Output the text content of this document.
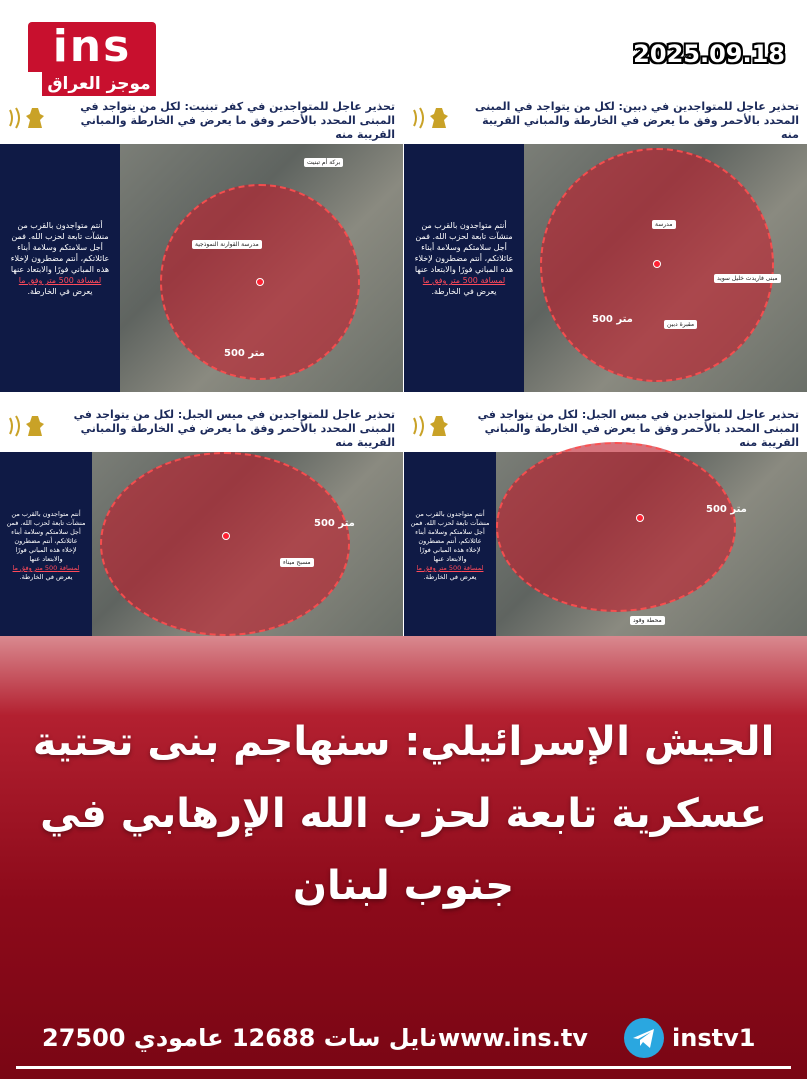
ins
موجز العراق
2025.09.18
تحذير عاجل للمتواجدين في كفر تبنيت: لكل من يتواجد في المبنى المحدد بالأحمر وفق ما يعرض في الخارطة والمباني القريبة منه
أنتم متواجدون بالقرب من منشآت تابعة لحزب الله. فمن أجل سلامتكم وسلامة أبناء عائلاتكم، أنتم مضطرون لإخلاء هذه المباني فورًا والابتعاد عنها
لمسافة 500 متر وفق ما
يعرض في الخارطة.
500 متر
مدرسة القوارنة النموذجية
بركة أم تبنيت
تحذير عاجل للمتواجدين في دبين: لكل من يتواجد في المبنى المحدد بالأحمر وفق ما يعرض في الخارطة والمباني القريبة منه
أنتم متواجدون بالقرب من منشآت تابعة لحزب الله. فمن أجل سلامتكم وسلامة أبناء عائلاتكم، أنتم مضطرون لإخلاء هذه المباني فورًا والابتعاد عنها
لمسافة 500 متر وفق ما
يعرض في الخارطة.
500 متر
مدرسة
مبنى فاريدت خليل سويد
مقبرة دبين
تحذير عاجل للمتواجدين في ميس الجبل: لكل من يتواجد في المبنى المحدد بالأحمر وفق ما يعرض في الخارطة والمباني القريبة منه
أنتم متواجدون بالقرب من منشآت تابعة لحزب الله. فمن أجل سلامتكم وسلامة أبناء عائلاتكم، أنتم مضطرون لإخلاء هذه المباني فورًا والابتعاد عنها
لمسافة 500 متر وفق ما
يعرض في الخارطة.
500 متر
مسبح ميناء
تحذير عاجل للمتواجدين في ميس الجبل: لكل من يتواجد في المبنى المحدد بالأحمر وفق ما يعرض في الخارطة والمباني القريبة منه
أنتم متواجدون بالقرب من منشآت تابعة لحزب الله. فمن أجل سلامتكم وسلامة أبناء عائلاتكم، أنتم مضطرون لإخلاء هذه المباني فورًا والابتعاد عنها
لمسافة 500 متر وفق ما
يعرض في الخارطة.
500 متر
محطة وقود
الجيش الإسرائيلي: سنهاجم بنى تحتية عسكرية تابعة لحزب الله الإرهابي في جنوب لبنان
نايل سات 12688 عامودي 27500 www.ins.tv	instv1
